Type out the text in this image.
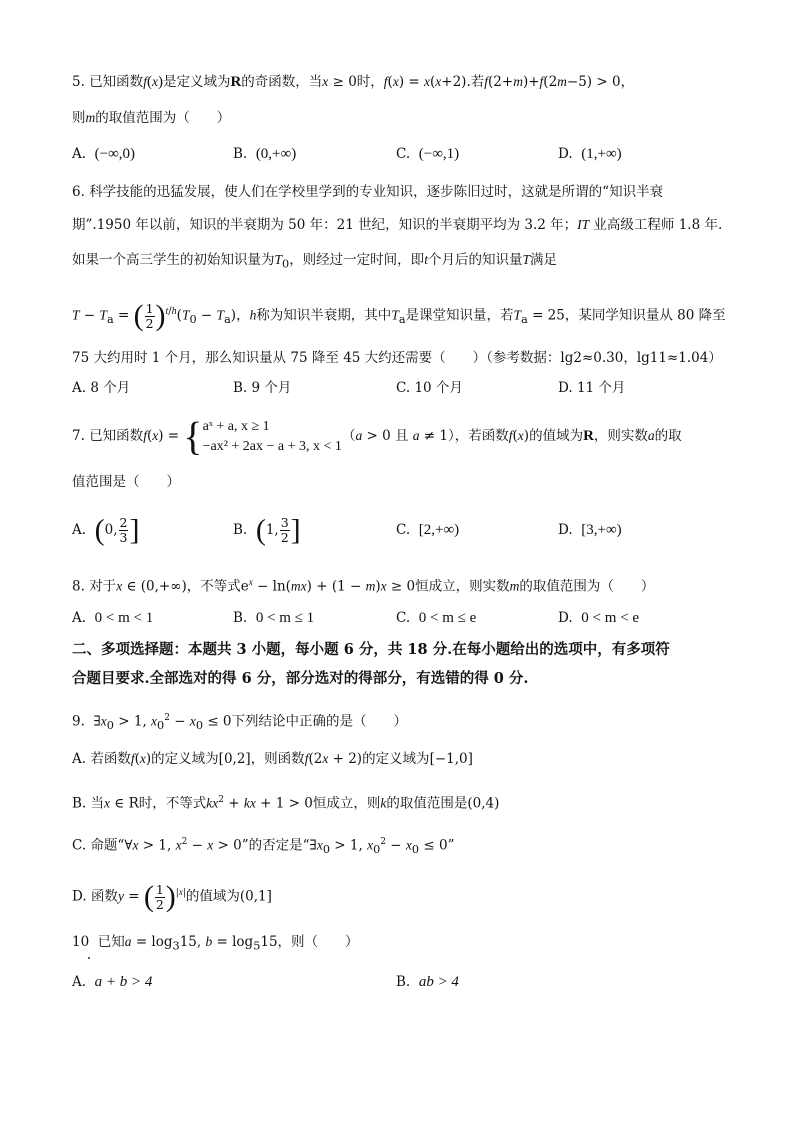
5. 已知函数f(x)是定义域为R的奇函数，当x ≥ 0时，f(x) = x(x+2).若f(2+m)+f(2m−5) > 0，
则m的取值范围为（　　）
A. (−∞,0)	B. (0,+∞)	C. (−∞,1)	D. (1,+∞)
6. 科学技能的迅猛发展，使人们在学校里学到的专业知识，逐步陈旧过时，这就是所谓的“知识半衰
期”.1950 年以前，知识的半衰期为 50 年：21 世纪，知识的半衰期平均为 3.2 年；IT 业高级工程师 1.8 年.
如果一个高三学生的初始知识量为$T_0$，则经过一定时间，即t个月后的知识量T满足
$T - T_a$ = ( $\frac{1}{2} )^{t/h}(T_0 - T_a)$，h称为知识半衰期，其中$T_a$是课堂知识量，若$T_a = 25$，某同学知识量从 80 降至
75 大约用时 1 个月，那么知识量从 75 降至 45 大约还需要（　　）（参考数据：lg2≈0.30，lg11≈1.04）
A. 8 个月	B. 9 个月	C. 10 个月	D. 11 个月
7. 已知函数f(x) = { aˣ + a, x ≥ 1
−ax² + 2ax − a + 3, x < 1
（a > 0 且 a ≠ 1），若函数f(x)的值域为R，则实数a的取
值范围是（　　）
A. (0, $\frac{2}{3}$ ]	B. (1, $\frac{3}{2}$ ]	C. [2,+∞)	D. [3,+∞)
8. 对于x ∈ (0,+∞)，不等式$e^x - \ln(mx) + (1 - m)x \ge 0$恒成立，则实数m的取值范围为（　　）
A. 0 < m < 1	B. 0 < m ≤ 1	C. 0 < m ≤ e	D. 0 < m < e
二、多项选择题：本题共 3 小题，每小题 6 分，共 18 分.在每小题给出的选项中，有多项符
合题目要求.全部选对的得 6 分，部分选对的得部分，有选错的得 0 分.
9.  $\exists x_0 > 1$, $x_0^2 - x_0 \le 0$下列结论中正确的是（　　）
A. 若函数f(x)的定义域为[0,2]，则函数f(2x + 2)的定义域为[−1,0]
B. 当x ∈ R时，不等式$kx^2$ + kx + 1 > 0恒成立，则k的取值范围是(0,4)
C. 命题“∀x > 1, $x^2 - x > 0$”的否定是“$\exists x_0 > 1$, $x_0^2 - x_0 \le 0$”
D. 函数y = ( $\frac{1}{2} )^{|x|}$的值域为(0,1]
10 已知$a = \log_315$, $b = \log_515$，则（　　）
A. a + b > 4	B. ab > 4
